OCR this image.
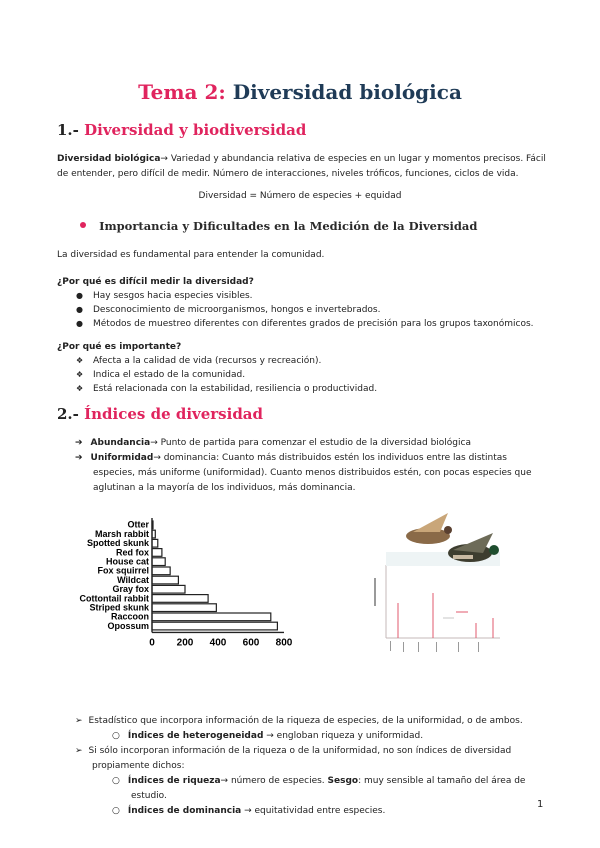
Tema 2: Diversidad biológica
1.- Diversidad y biodiversidad
Diversidad biológica→ Variedad y abundancia relativa de especies en un lugar y momentos precisos. Fácil
de entender, pero difícil de medir. Número de interacciones, niveles tróficos, funciones, ciclos de vida.
Diversidad = Número de especies + equidad
Importancia y Dificultades en la Medición de la Diversidad
La diversidad es fundamental para entender la comunidad.
¿Por qué es difícil medir la diversidad?
● Hay sesgos hacia especies visibles.
● Desconocimiento de microorganismos, hongos e invertebrados.
● Métodos de muestreo diferentes con diferentes grados de precisión para los grupos taxonómicos.
¿Por qué es importante?
❖ Afecta a la calidad de vida (recursos y recreación).
❖ Indica el estado de la comunidad.
❖ Está relacionada con la estabilidad, resiliencia o productividad.
2.- Índices de diversidad
➔ Abundancia→ Punto de partida para comenzar el estudio de la diversidad biológica
➔ Uniformidad→ dominancia: Cuanto más distribuidos estén los individuos entre las distintas
especies, más uniforme (uniformidad). Cuanto menos distribuidos estén, con pocas especies que
aglutinan a la mayoría de los individuos, más dominancia.
Otter
Marsh rabbit
Spotted skunk
Red fox
House cat
Fox squirrel
Wildcat
Gray fox
Cottontail rabbit
Striped skunk
Raccoon
Opossum
0 200 400 600 800
➢ Estadístico que incorpora información de la riqueza de especies, de la uniformidad, o de ambos.
○ Índices de heterogeneidad → engloban riqueza y uniformidad.
➢ Si sólo incorporan información de la riqueza o de la uniformidad, no son índices de diversidad
propiamente dichos:
○ Índices de riqueza→ número de especies. Sesgo: muy sensible al tamaño del área de
estudio.
○ Índices de dominancia → equitatividad entre especies.
1
